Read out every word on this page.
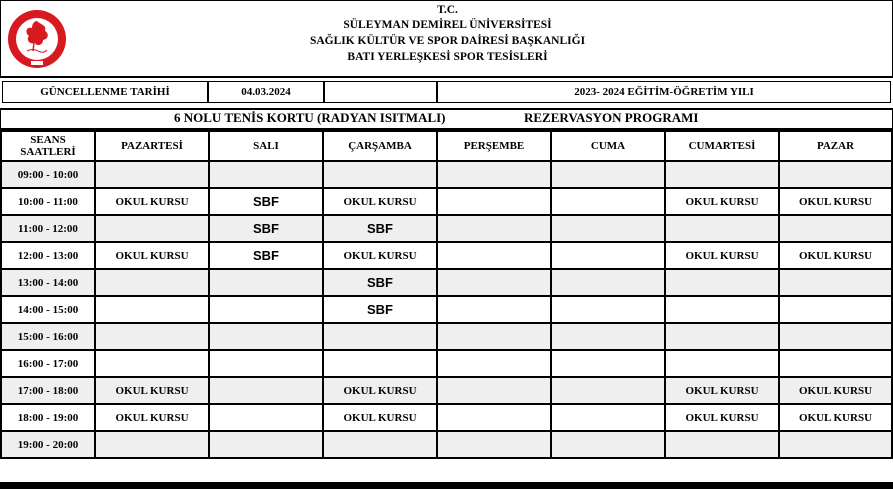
T.C.
SÜLEYMAN DEMİREL ÜNİVERSİTESİ
SAĞLIK KÜLTÜR VE SPOR DAİRESİ BAŞKANLIĞI
BATI YERLEŞKESİ SPOR TESİSLERİ
GÜNCELLENME TARİHİ	04.03.2024	2023- 2024 EĞİTİM-ÖĞRETİM YILI
6 NOLU TENİS KORTU (RADYAN ISITMALI)	REZERVASYON PROGRAMI
SEANS
SAATLERİ	PAZARTESİ	SALI	ÇARŞAMBA	PERŞEMBE	CUMA	CUMARTESİ	PAZAR
09:00 - 10:00							
10:00 - 11:00	OKUL KURSU	SBF	OKUL KURSU			OKUL KURSU	OKUL KURSU
11:00 - 12:00		SBF	SBF				
12:00 - 13:00	OKUL KURSU	SBF	OKUL KURSU			OKUL KURSU	OKUL KURSU
13:00 - 14:00			SBF				
14:00 - 15:00			SBF				
15:00 - 16:00							
16:00 - 17:00							
17:00 - 18:00	OKUL KURSU		OKUL KURSU			OKUL KURSU	OKUL KURSU
18:00 - 19:00	OKUL KURSU		OKUL KURSU			OKUL KURSU	OKUL KURSU
19:00 - 20:00							
